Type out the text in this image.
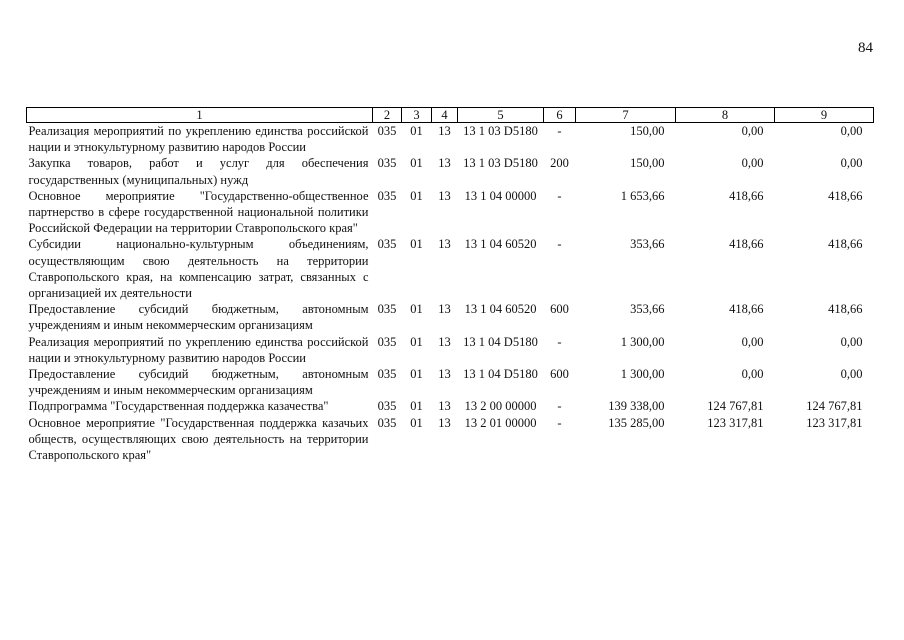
84
1	2	3	4	5	6	7	8	9
Реализация мероприятий по укреплению единства российской нации и этнокультурному развитию народов России	035	01	13	13 1 03 D5180	-	150,00	0,00	0,00
Закупка товаров, работ и услуг для обеспечения государственных (муниципальных) нужд	035	01	13	13 1 03 D5180	200	150,00	0,00	0,00
Основное мероприятие "Государственно-общественное партнерство в сфере государственной национальной политики Российской Федерации на территории Ставропольского края"	035	01	13	13 1 04 00000	-	1 653,66	418,66	418,66
Субсидии национально-культурным объединениям, осуществляющим свою деятельность на территории Ставропольского края, на компенсацию затрат, связанных с организацией их деятельности	035	01	13	13 1 04 60520	-	353,66	418,66	418,66
Предоставление субсидий бюджетным, автономным учреждениям и иным некоммерческим организациям	035	01	13	13 1 04 60520	600	353,66	418,66	418,66
Реализация мероприятий по укреплению единства российской нации и этнокультурному развитию народов России	035	01	13	13 1 04 D5180	-	1 300,00	0,00	0,00
Предоставление субсидий бюджетным, автономным учреждениям и иным некоммерческим организациям	035	01	13	13 1 04 D5180	600	1 300,00	0,00	0,00
Подпрограмма "Государственная поддержка казачества"	035	01	13	13 2 00 00000	-	139 338,00	124 767,81	124 767,81
Основное мероприятие "Государственная поддержка казачьих обществ, осуществляющих свою деятельность на территории Ставропольского края"	035	01	13	13 2 01 00000	-	135 285,00	123 317,81	123 317,81
